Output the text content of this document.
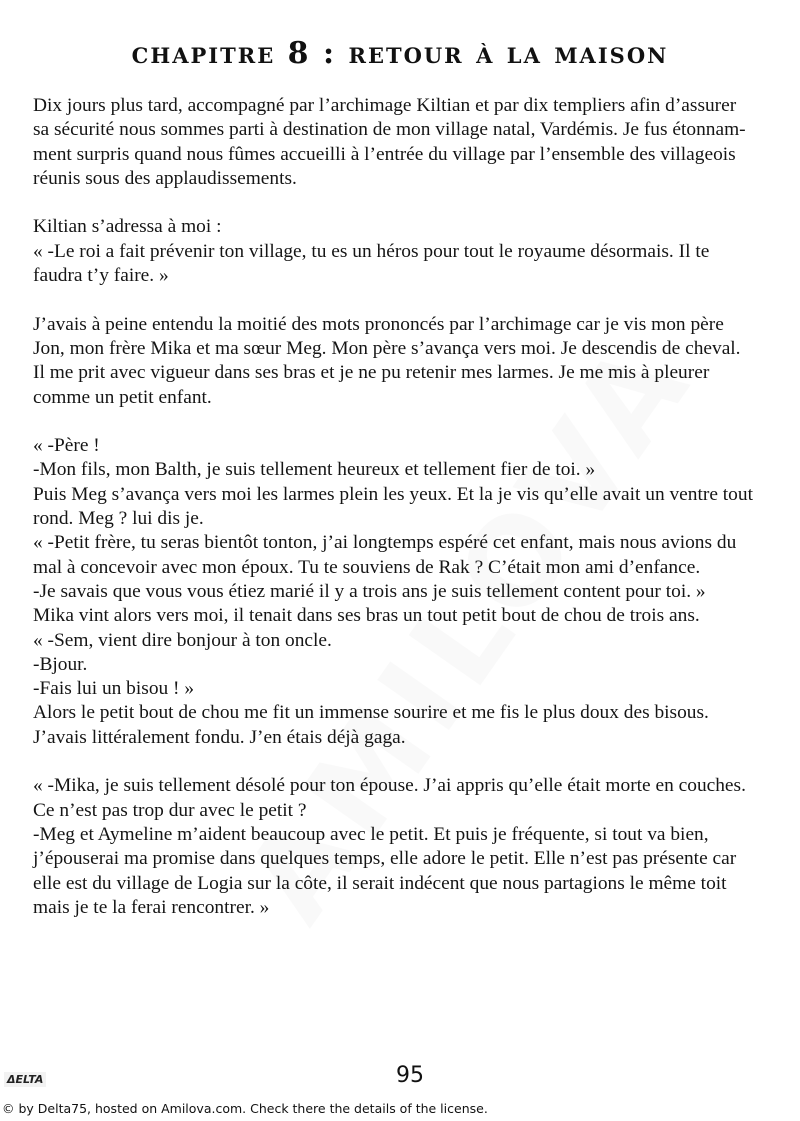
chapitre 8 : retour à la maison
Dix jours plus tard, accompagné par l’archimage Kiltian et par dix templiers afin d’assurer
sa sécurité nous sommes parti à destination de mon village natal, Vardémis. Je fus étonnam-
ment surpris quand nous fûmes accueilli à l’entrée du village par l’ensemble des villageois
réunis sous des applaudissements.
Kiltian s’adressa à moi :
« -Le roi a fait prévenir ton village, tu es un héros pour tout le royaume désormais. Il te
faudra t’y faire. »
J’avais à peine entendu la moitié des mots prononcés par l’archimage car je vis mon père
Jon, mon frère Mika et ma sœur Meg. Mon père s’avança vers moi. Je descendis de cheval.
Il me prit avec vigueur dans ses bras et je ne pu retenir mes larmes. Je me mis à pleurer
comme un petit enfant.
« -Père !
-Mon fils, mon Balth, je suis tellement heureux et tellement fier de toi. »
Puis Meg s’avança vers moi les larmes plein les yeux. Et la je vis qu’elle avait un ventre tout
rond. Meg ? lui dis je.
« -Petit frère, tu seras bientôt tonton, j’ai longtemps espéré cet enfant, mais nous avions du
mal à concevoir avec mon époux. Tu te souviens de Rak ? C’était mon ami d’enfance.
-Je savais que vous vous étiez marié il y a trois ans je suis tellement content pour toi. »
Mika vint alors vers moi, il tenait dans ses bras un tout petit bout de chou de trois ans.
« -Sem, vient dire bonjour à ton oncle.
-Bjour.
-Fais lui un bisou ! »
Alors le petit bout de chou me fit un immense sourire et me fis le plus doux des bisous.
J’avais littéralement fondu. J’en étais déjà gaga.
« -Mika, je suis tellement désolé pour ton épouse. J’ai appris qu’elle était morte en couches.
Ce n’est pas trop dur avec le petit ?
-Meg et Aymeline m’aident beaucoup avec le petit. Et puis je fréquente, si tout va bien,
j’épouserai ma promise dans quelques temps, elle adore le petit. Elle n’est pas présente car
elle est du village de Logia sur la côte, il serait indécent que nous partagions le même toit
mais je te la ferai rencontrer. »
ΔELTA	95
© by Delta75, hosted on Amilova.com. Check there the details of the license.
